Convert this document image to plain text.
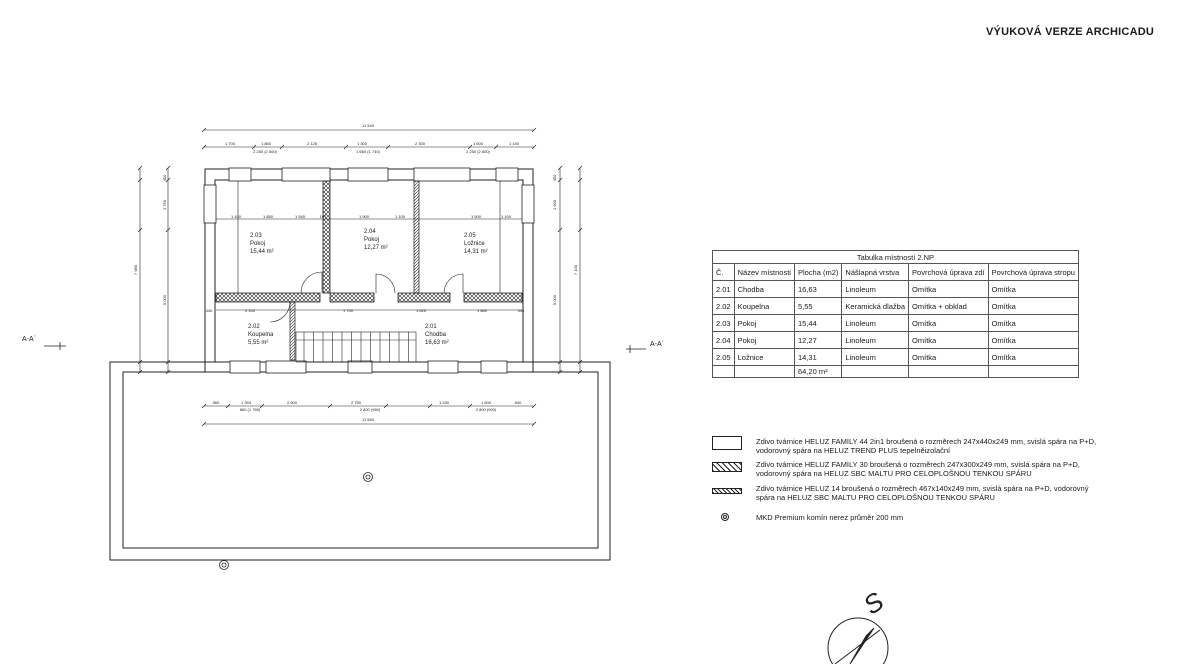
VÝUKOVÁ VERZE ARCHICADU
11 540
11 560
7 980	7 100
1 700	1 860	2 125	1 300	2 300	1 600	1 150
2 250 (2 500)	1 660 (1 740)	2 250 (2 600)
960	1 394	2 600	2 750	1 230	1 600	840
860 (1 765)	2 800 (960)	2 800 (900)
450
1 750
5 000
450
1 600
5 000
1 100	1 850	1 545	107	1 900	1 100	1 500	1 100
440	2 100	1 750	1 625	1 860	440
2.03
Pokoj
15,44 m²
2.04
Pokoj
12,27 m²
2.05
Ložnice
14,31 m²
2.02
Koupelna
5,55 m²
2.01
Chodba
16,63 m²
A-A´
A-A´
S
Tabulka místností 2.NP					
Č.	Název místnosti	Plocha (m2)	Nášlapná vrstva	Povrchová úprava zdí	Povrchová úprava stropu
2.01	Chodba	16,63	Linoleum	Omítka	Omítka
2.02	Koupelna	5,55	Keramická dlažba	Omítka + obklad	Omítka
2.03	Pokoj	15,44	Linoleum	Omítka	Omítka
2.04	Pokoj	12,27	Linoleum	Omítka	Omítka
2.05	Ložnice	14,31	Linoleum	Omítka	Omítka
		64,20 m²			
Zdivo tvárnice HELUZ FAMILY 44 2in1 broušená o rozměrech 247x440x249 mm, svislá spára na P+D,
vodorovný spára na HELUZ TREND PLUS tepelněizolační
Zdivo tvárnice HELUZ FAMILY 30 broušená o rozměrech 247x300x249 mm, svislá spára na P+D,
vodorovný spára na HELUZ SBC MALTU PRO CELOPLOŠNOU TENKOU SPÁRU
Zdivo tvárnice HELUZ 14 broušená o rozměrech 467x140x249 mm, svislá spára na P+D, vodorovný
spára na HELUZ SBC MALTU PRO CELOPLOŠNOU TENKOU SPÁRU
MKD Premium komín nerez průměr 200 mm
